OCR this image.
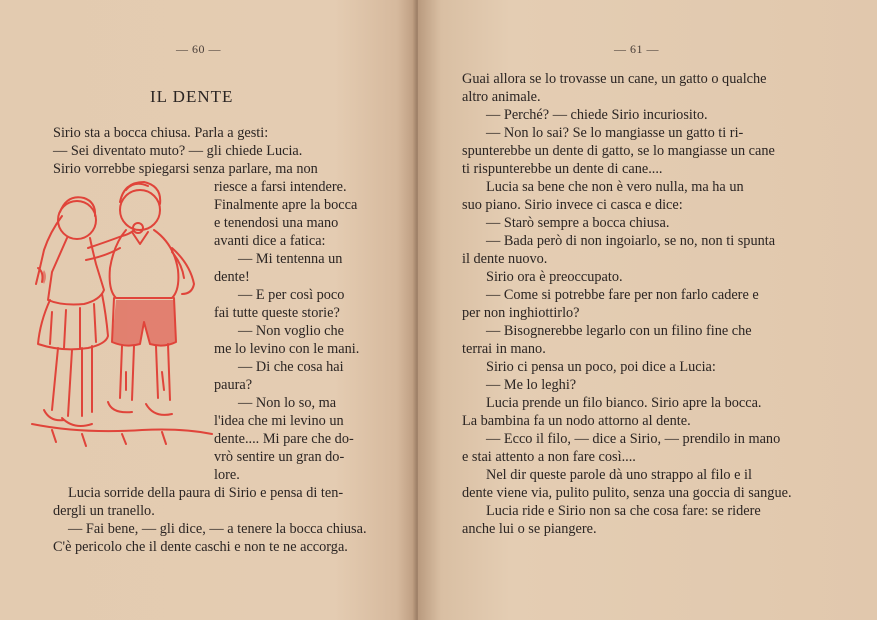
— 60 —
IL DENTE
Sirio sta a bocca chiusa. Parla a gesti:
— Sei diventato muto? — gli chiede Lucia.
Sirio vorrebbe spiegarsi senza parlare, ma non
riesce a farsi intendere.
Finalmente apre la bocca
e tenendosi una mano
avanti dice a fatica:
— Mi tentenna un
dente!
— E per così poco
fai tutte queste storie?
— Non voglio che
me lo levino con le mani.
— Di che cosa hai
paura?
— Non lo so, ma
l'idea che mi levino un
dente.... Mi pare che do-
vrò sentire un gran do-
lore.
Lucia sorride della paura di Sirio e pensa di ten-
dergli un tranello.
— Fai bene, — gli dice, — a tenere la bocca chiusa.
C'è pericolo che il dente caschi e non te ne accorga.
— 61 —
Guai allora se lo trovasse un cane, un gatto o qualche
altro animale.
— Perché? — chiede Sirio incuriosito.
— Non lo sai? Se lo mangiasse un gatto ti ri-
spunterebbe un dente di gatto, se lo mangiasse un cane
ti rispunterebbe un dente di cane....
Lucia sa bene che non è vero nulla, ma ha un
suo piano. Sirio invece ci casca e dice:
— Starò sempre a bocca chiusa.
— Bada però di non ingoiarlo, se no, non ti spunta
il dente nuovo.
Sirio ora è preoccupato.
— Come si potrebbe fare per non farlo cadere e
per non inghiottirlo?
— Bisognerebbe legarlo con un filino fine che
terrai in mano.
Sirio ci pensa un poco, poi dice a Lucia:
— Me lo leghi?
Lucia prende un filo bianco. Sirio apre la bocca.
La bambina fa un nodo attorno al dente.
— Ecco il filo, — dice a Sirio, — prendilo in mano
e stai attento a non fare così....
Nel dir queste parole dà uno strappo al filo e il
dente viene via, pulito pulito, senza una goccia di sangue.
Lucia ride e Sirio non sa che cosa fare: se ridere
anche lui o se piangere.
